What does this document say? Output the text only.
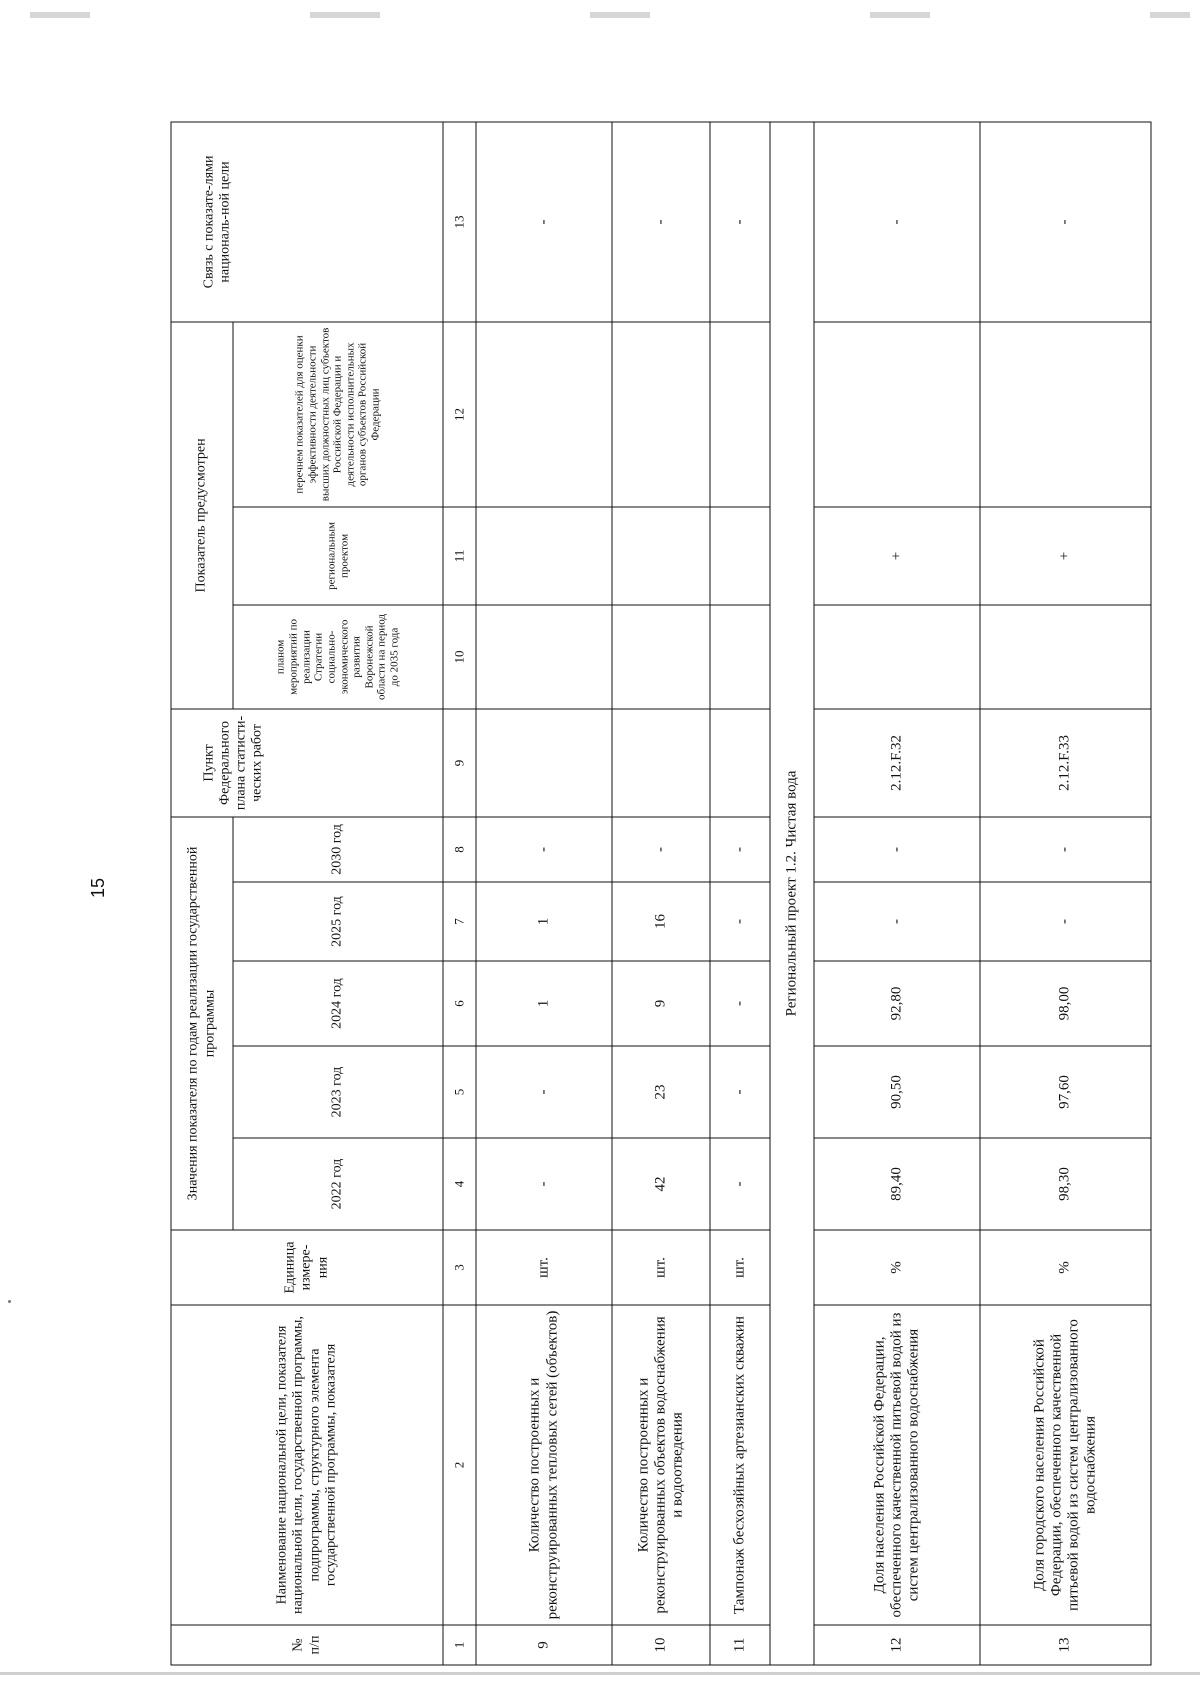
15
№
п/п	Наименование национальной цели, показателя национальной цели, государственной программы, подпрограммы, структурного элемента государственной программы, показателя	Единица измере-ния	Значения показателя по годам реализации государственной программы					Пункт Федерального плана статисти-ческих работ	Показатель предусмотрен			Связь с показате-лями националь-ной цели
			2022 год	2023 год	2024 год	2025 год	2030 год		планом мероприятий по реализации Стратегии социально-экономического развития Воронежской области на период до 2035 года	региональным проектом	перечнем показателей для оценки эффективности деятельности высших должностных лиц субъектов Российской Федерации и деятельности исполнительных органов субъектов Российской Федерации	
1	2	3	4	5	6	7	8	9	10	11	12	13
9	Количество построенных и реконструированных тепловых сетей (объектов)	шт.	-	-	1	1	-					-
10	Количество построенных и реконструированных объектов водоснабжения и водоотведения	шт.	42	23	9	16	-					-
11	Тампонаж бесхозяйных артезианских скважин	шт.	-	-	-	-	-					-
Региональный проект 1.2. Чистая вода												
12	Доля населения Российской Федерации, обеспеченного качественной питьевой водой из систем централизованного водоснабжения	%	89,40	90,50	92,80	-	-	2.12.F.32		+		-
13	Доля городского населения Российской Федерации, обеспеченного качественной питьевой водой из систем централизованного водоснабжения	%	98,30	97,60	98,00	-	-	2.12.F.33		+		-
